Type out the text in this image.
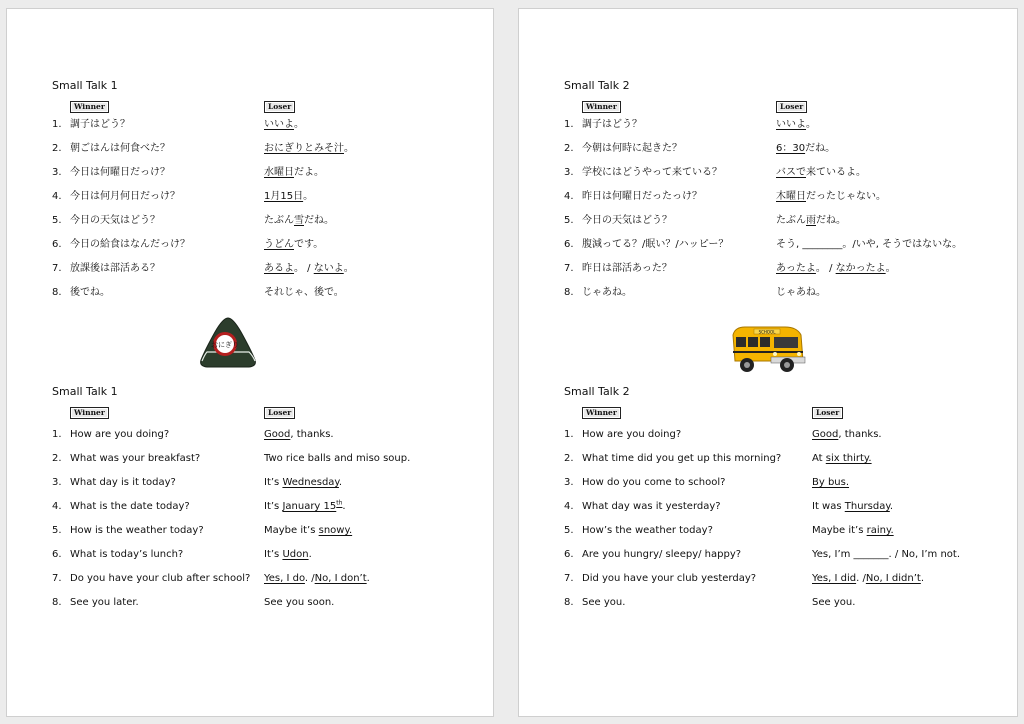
Small Talk 1
Winner	Loser
1. 調子はどう？	いいよ。
2. 朝ごはんは何食べた？	おにぎりとみそ汁。
3. 今日は何曜日だっけ？	水曜日だよ。
4. 今日は何月何日だっけ？	1月15日。
5. 今日の天気はどう？	たぶん雪だね。
6. 今日の給食はなんだっけ？	うどんです。
7. 放課後は部活ある？	あるよ。 / ないよ。
8. 後でね。	それじゃ、後で。
おにぎり
Small Talk 1
Winner	Loser
1. How are you doing?	Good, thanks.
2. What was your breakfast?	Two rice balls and miso soup.
3. What day is it today?	It’s Wednesday.
4. What is the date today?	It’s January 15th.
5. How is the weather today?	Maybe it’s snowy.
6. What is today’s lunch?	It’s Udon.
7. Do you have your club after school? Yes, I do. /No, I don’t.
8. See you later.	See you soon.
Small Talk 2
Winner	Loser
1. 調子はどう？	いいよ。
2. 今朝は何時に起きた？	6：30だね。
3. 学校にはどうやって来ている？	バスで来ているよ。
4. 昨日は何曜日だったっけ？	木曜日だったじゃない。
5. 今日の天気はどう？	たぶん雨だね。
6. 腹減ってる？/眠い？/ハッピー？	そう, ________。/いや, そうではないな。
7. 昨日は部活あった？	あったよ。 / なかったよ。
8. じゃあね。	じゃあね。
SCHOOL
Small Talk 2
Winner	Loser
1. How are you doing?	Good, thanks.
2. What time did you get up this morning?	At six thirty.
3. How do you come to school?	By bus.
4. What day was it yesterday?	It was Thursday.
5. How’s the weather today?	Maybe it’s rainy.
6. Are you hungry/ sleepy/ happy?	Yes, I’m _______. / No, I’m not.
7. Did you have your club yesterday?	Yes, I did. /No, I didn’t.
8. See you.	See you.
